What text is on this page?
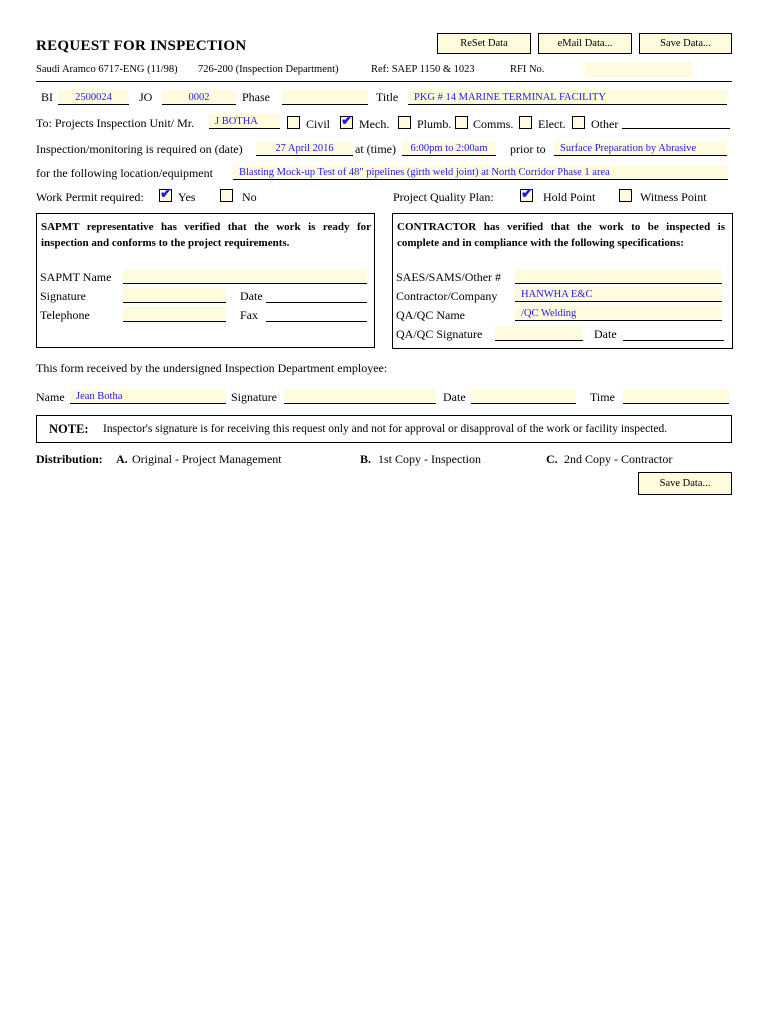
REQUEST FOR INSPECTION	ReSet Data	eMail Data...	Save Data...
Saudi Aramco 6717-ENG (11/98) 726-200 (Inspection Department)	Ref: SAEP 1150 & 1023	RFI No.
BI	2500024	JO	0002	Phase	Title	PKG # 14 MARINE TERMINAL FACILITY
To: Projects Inspection Unit/ Mr.	J BOTHA	Civil ✔ Mech. Plumb. Comms. Elect. Other
Inspection/monitoring is required on (date)	27 April 2016	at (time)	6:00pm to 2:00am	prior to	Surface Preparation by Abrasive
for the following location/equipment	Blasting Mock-up Test of 48" pipelines (girth weld joint) at North Corridor Phase 1 area
Work Permit required: ✔ Yes	No	Project Quality Plan: ✔ Hold Point	Witness Point
SAPMT representative has verified that the work is ready for inspection and conforms to the project requirements.
SAPMT Name
Signature	Date
Telephone	Fax
CONTRACTOR has verified that the work to be inspected is complete and in compliance with the following specifications:
SAES/SAMS/Other #
Contractor/Company	HANWHA E&C
QA/QC Name	/QC Welding
QA/QC Signature	Date
This form received by the undersigned Inspection Department employee:
Name	Jean Botha	Signature	Date	Time
NOTE: Inspector's signature is for receiving this request only and not for approval or disapproval of the work or facility inspected.
Distribution: A. Original - Project Management	B. 1st Copy - Inspection	C. 2nd Copy - Contractor
Save Data...
